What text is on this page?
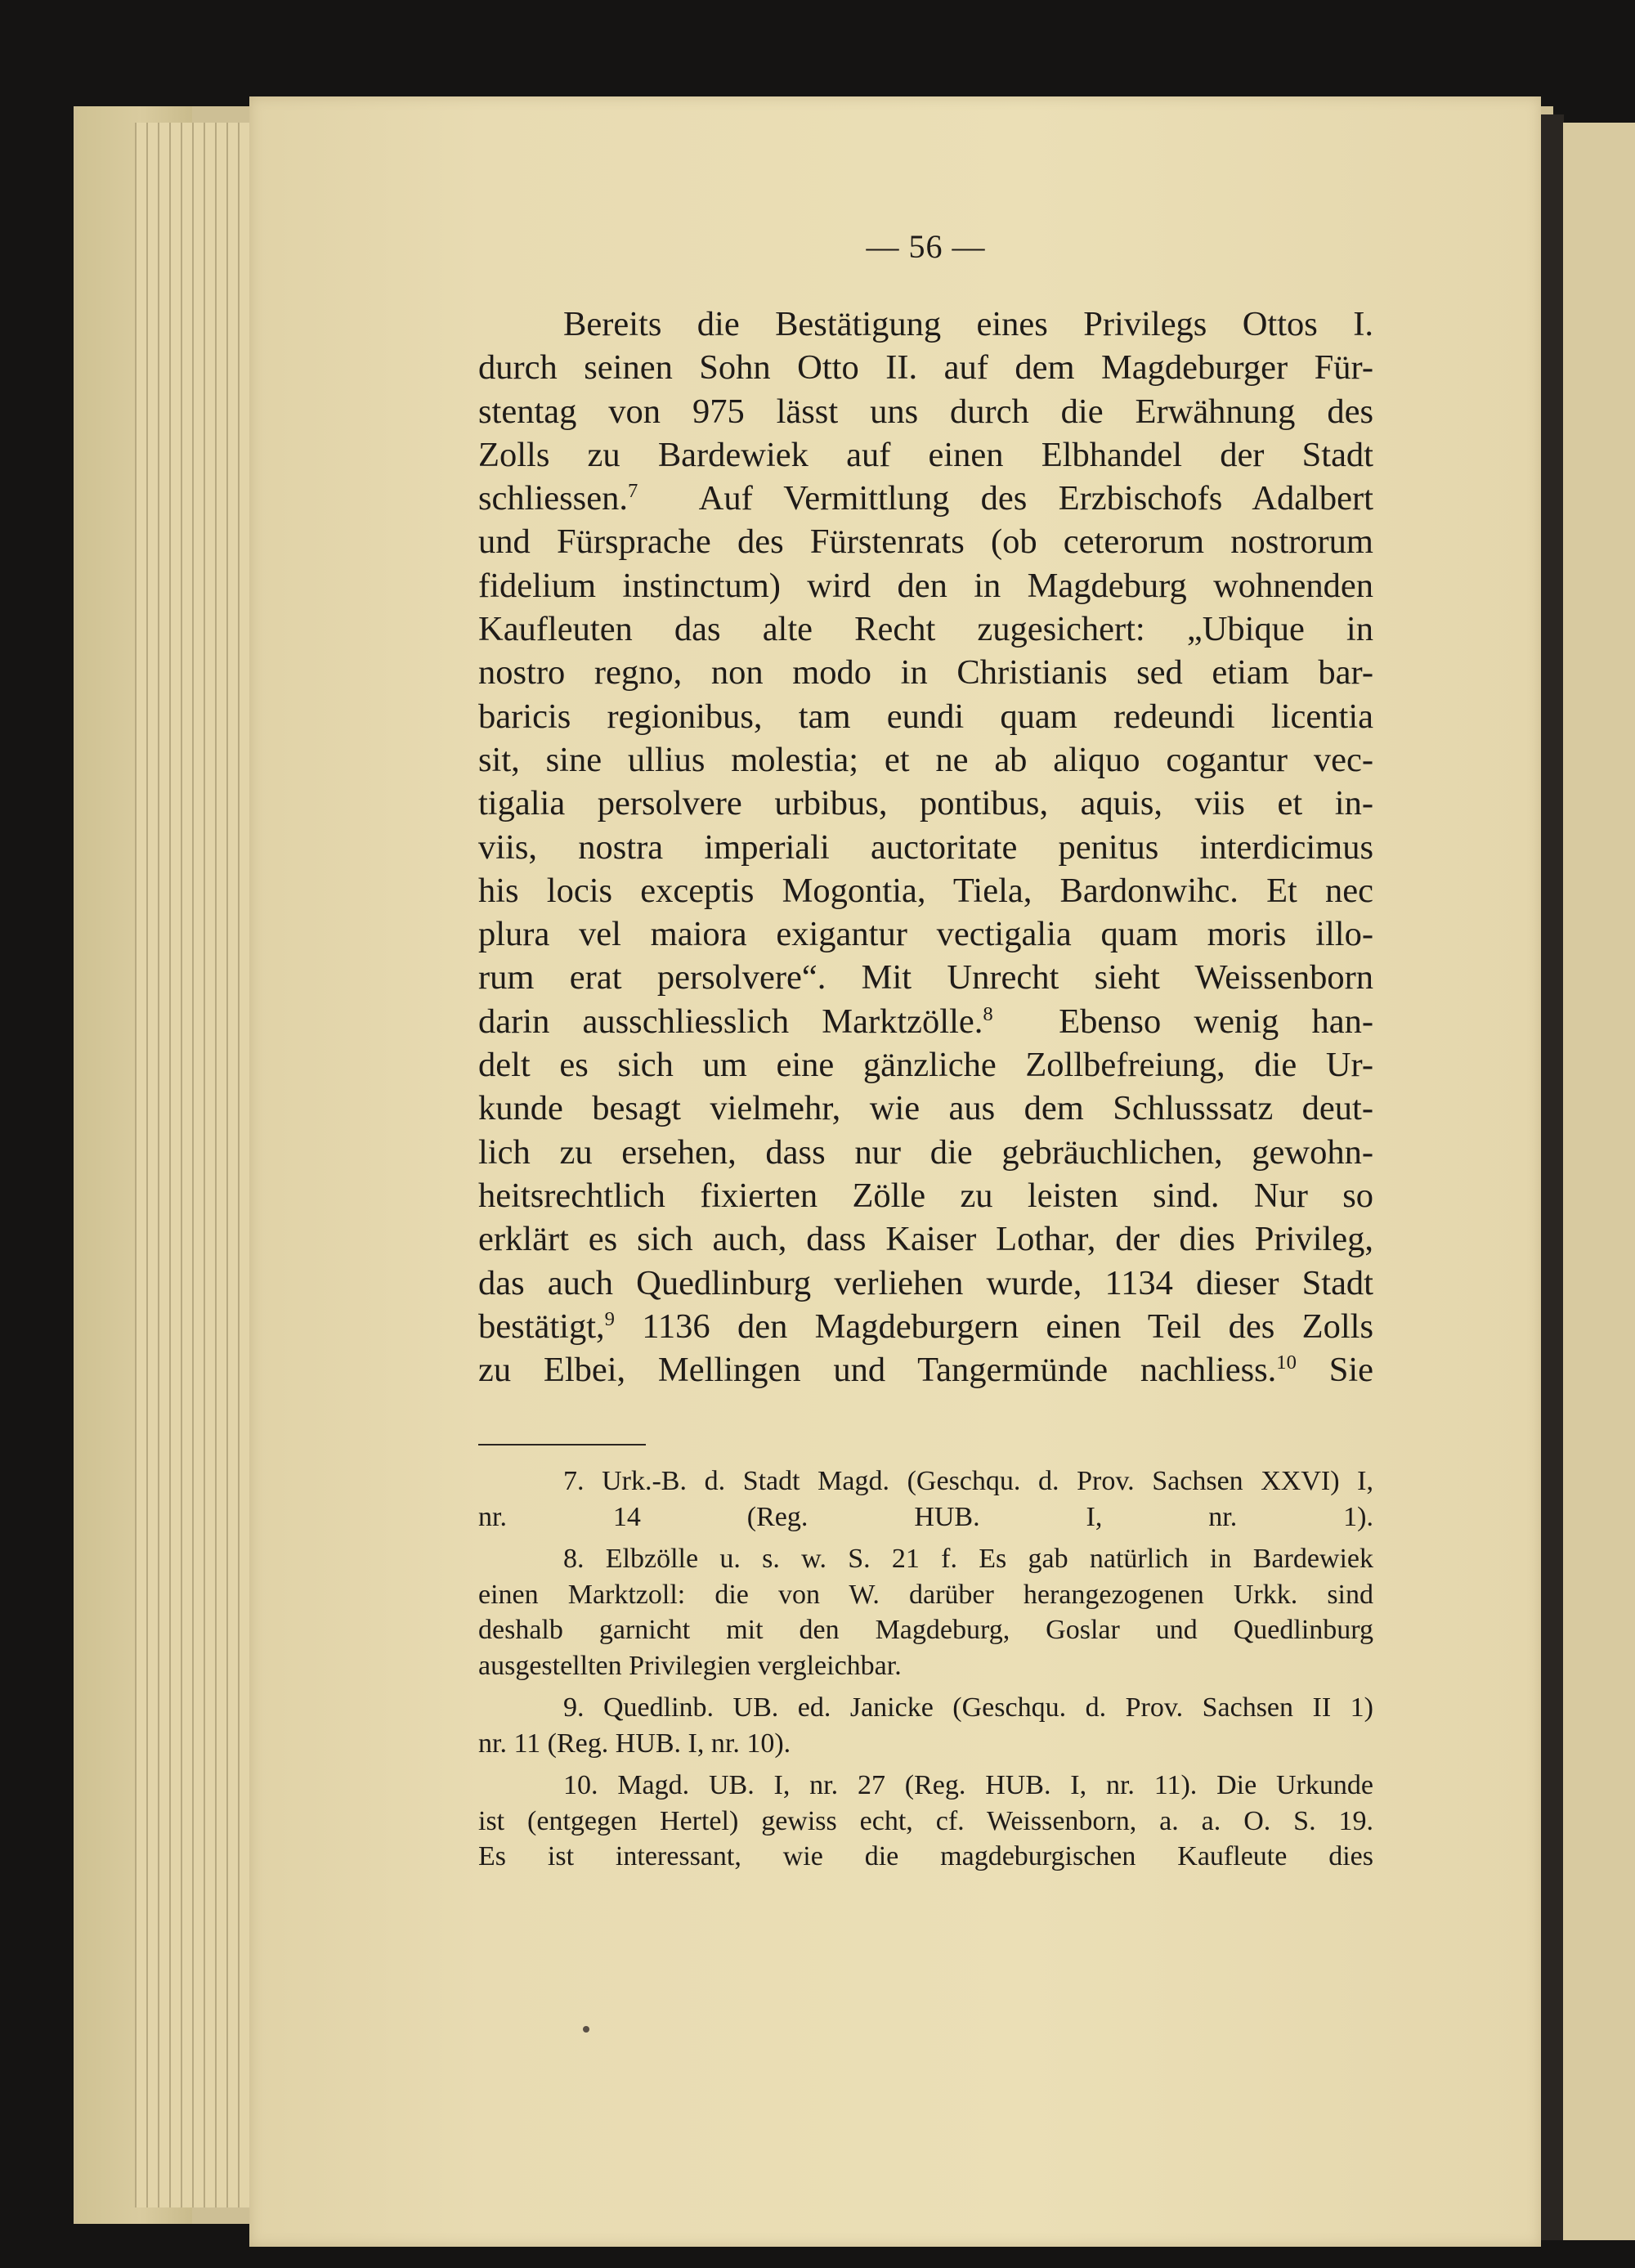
— 56 —
Bereits die Bestätigung eines Privilegs Ottos I.
durch seinen Sohn Otto II. auf dem Magdeburger Für-
stentag von 975 lässt uns durch die Erwähnung des
Zolls zu Bardewiek auf einen Elbhandel der Stadt
schliessen.$^7$ Auf Vermittlung des Erzbischofs Adalbert
und Fürsprache des Fürstenrats (ob ceterorum nostrorum
fidelium instinctum) wird den in Magdeburg wohnenden
Kaufleuten das alte Recht zugesichert: „Ubique in
nostro regno, non modo in Christianis sed etiam bar-
baricis regionibus, tam eundi quam redeundi licentia
sit, sine ullius molestia; et ne ab aliquo cogantur vec-
tigalia persolvere urbibus, pontibus, aquis, viis et in-
viis, nostra imperiali auctoritate penitus interdicimus
his locis exceptis Mogontia, Tiela, Bardonwihc. Et nec
plura vel maiora exigantur vectigalia quam moris illo-
rum erat persolvere“. Mit Unrecht sieht Weissenborn
darin ausschliesslich Marktzölle.$^8$ Ebenso wenig han-
delt es sich um eine gänzliche Zollbefreiung, die Ur-
kunde besagt vielmehr, wie aus dem Schlusssatz deut-
lich zu ersehen, dass nur die gebräuchlichen, gewohn-
heitsrechtlich fixierten Zölle zu leisten sind. Nur so
erklärt es sich auch, dass Kaiser Lothar, der dies Privileg,
das auch Quedlinburg verliehen wurde, 1134 dieser Stadt
bestätigt,$^9$ 1136 den Magdeburgern einen Teil des Zolls
zu Elbei, Mellingen und Tangermünde nachliess.$^{10}$ Sie
7. Urk.-B. d. Stadt Magd. (Geschqu. d. Prov. Sachsen XXVI) I,
nr. 14 (Reg. HUB. I, nr. 1).
8. Elbzölle u. s. w. S. 21 f. Es gab natürlich in Bardewiek
einen Marktzoll: die von W. darüber herangezogenen Urkk. sind
deshalb garnicht mit den Magdeburg, Goslar und Quedlinburg
ausgestellten Privilegien vergleichbar.
9. Quedlinb. UB. ed. Janicke (Geschqu. d. Prov. Sachsen II 1)
nr. 11 (Reg. HUB. I, nr. 10).
10. Magd. UB. I, nr. 27 (Reg. HUB. I, nr. 11). Die Urkunde
ist (entgegen Hertel) gewiss echt, cf. Weissenborn, a. a. O. S. 19.
Es ist interessant, wie die magdeburgischen Kaufleute dies
